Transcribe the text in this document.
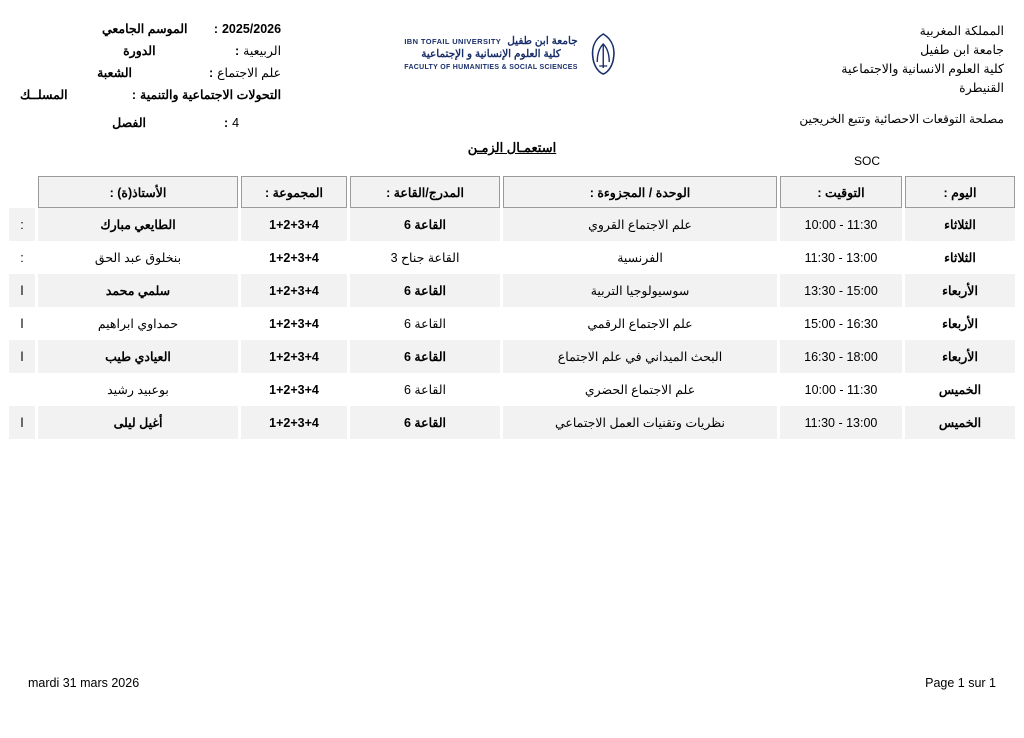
المملكة المغربية
جامعة ابن طفيل
كلية العلوم الانسانية والاجتماعية
القنيطرة
مصلحة التوقعات الاحصائية وتتبع الخريجين
2025/2026
:
الموسم الجامعي
الربيعية
:
الدورة
علم الاجتماع
:
الشعبة
التحولات الاجتماعية والتنمية
:
المسلــك
4
:
الفصل
جامعة ابن طفيل
IBN TOFAIL UNIVERSITY
كلية العلوم الإنسانية و الإجتماعية
FACULTY OF HUMANITIES & SOCIAL SCIENCES
استعمـال الزمـن
SOC
اليوم :	التوقيت :	الوحدة / المجزوءة :	المدرج/القاعة :	المجموعة :	الأستاذ(ة) :	
الثلاثاء	10:00 - 11:30	علم الاجتماع القروي	القاعة 6	1+2+3+4	الطايعي مبارك	:
الثلاثاء	11:30 - 13:00	الفرنسية	القاعة جناح 3	1+2+3+4	بنخلوق عبد الحق	:
الأربعاء	13:30 - 15:00	سوسيولوجيا التربية	القاعة 6	1+2+3+4	سلمي محمد	ا
الأربعاء	15:00 - 16:30	علم الاجتماع الرقمي	القاعة 6	1+2+3+4	حمداوي ابراهيم	ا
الأربعاء	16:30 - 18:00	البحث الميداني في علم الاجتماع	القاعة 6	1+2+3+4	العيادي طيب	ا
الخميس	10:00 - 11:30	علم الاجتماع الحضري	القاعة 6	1+2+3+4	بوعبيد رشيد	
الخميس	11:30 - 13:00	نظريات وتقنيات العمل الاجتماعي	القاعة 6	1+2+3+4	أغيل ليلى	ا
mardi 31 mars 2026	Page 1 sur 1
